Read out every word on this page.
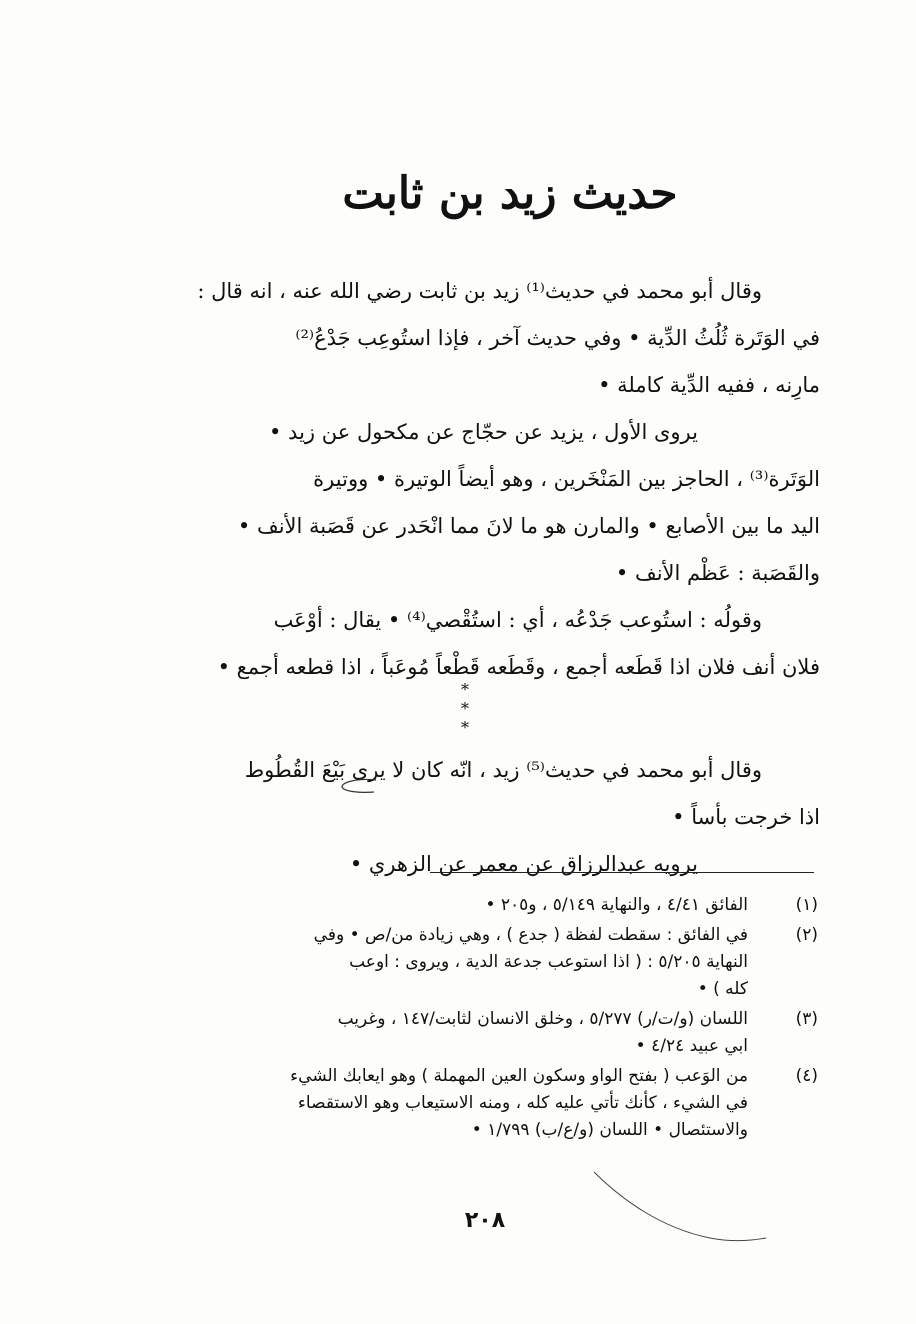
حديث زيد بن ثابت
وقال أبو محمد في حديث⁽¹⁾ زيد بن ثابت رضي الله عنه ، انه قال :
في الوَتَرة ثُلُثُ الدِّية • وفي حديث آخر ، فإذا استُوعِب جَدْعُ⁽²⁾
مارِنه ، ففيه الدِّية كاملة •
يروى الأول ، يزيد عن حجّاج عن مكحول عن زيد •
الوَتَرة⁽³⁾ ، الحاجز بين المَنْخَرين ، وهو أيضاً الوتيرة • ووتيرة
اليد ما بين الأصابع • والمارن هو ما لانَ مما انْحَدر عن قَصَبة الأنف •
والقَصَبة : عَظْم الأنف •
وقولُه : استُوعب جَدْعُه ، أي : استُقْصي⁽⁴⁾ • يقال : أوْعَب
فلان أنف فلان اذا قَطَعه أجمع ، وقَطَعه قَطْعاً مُوعَباً ، اذا قطعه أجمع •
وقال أبو محمد في حديث⁽⁵⁾ زيد ، انّه كان لا يرى بَيْعَ القُطُوط
اذا خرجت بأساً •
يرويه عبدالرزاق عن معمر عن الزهري •
* * *
(١)
الفائق ٤/٤١ ، والنهاية ٥/١٤٩ ، و٢٠٥ •
(٢)
في الفائق : سقطت لفظة ( جدع ) ، وهي زيادة من/ص • وفي
النهاية ٥/٢٠٥ : ( اذا استوعب جدعة الدية ، ويروى : اوعب
كله ) •
(٣)
اللسان (و/ت/ر) ٥/٢٧٧ ، وخلق الانسان لثابت/١٤٧ ، وغريب
ابي عبيد ٤/٢٤ •
(٤)
من الوَعب ( بفتح الواو وسكون العين المهملة ) وهو ايعابك الشيء
في الشيء ، كأنك تأتي عليه كله ، ومنه الاستيعاب وهو الاستقصاء
والاستئصال • اللسان (و/ع/ب) ١/٧٩٩ •
٢٠٨
